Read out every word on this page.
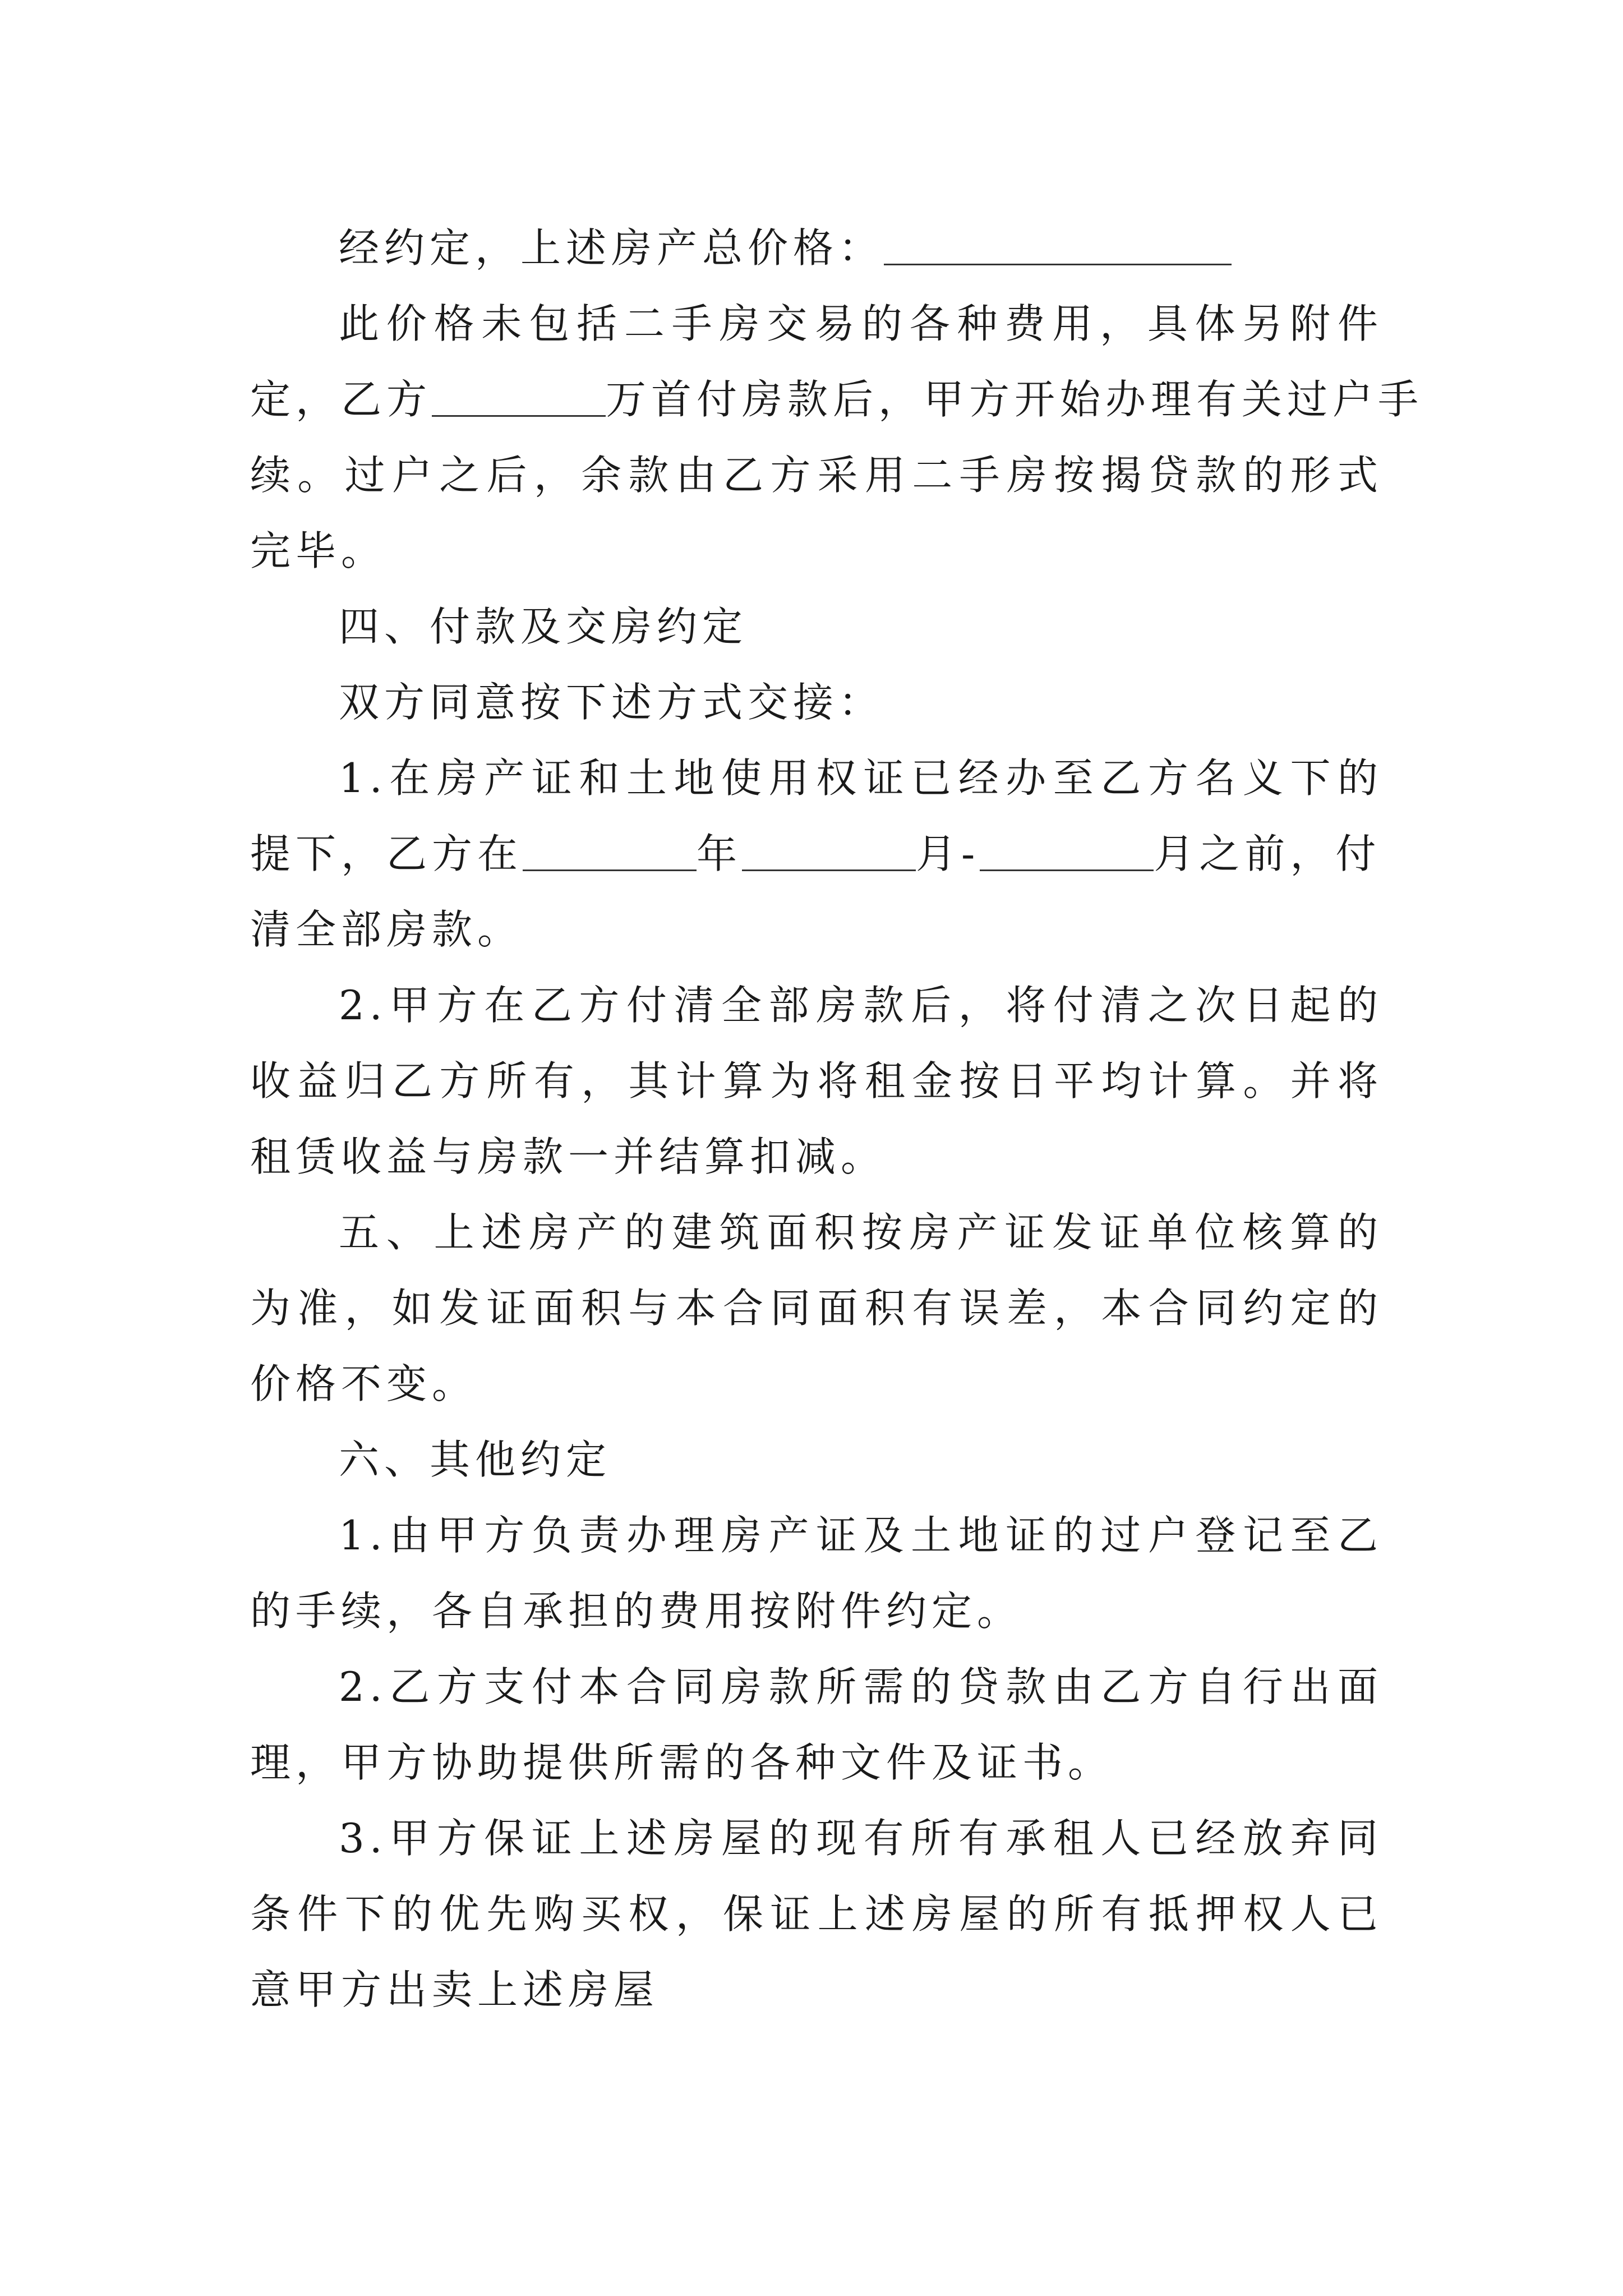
经约定，上述房产总价格：
此价格未包括二手房交易的各种费用，具体另附件
定，乙方	万首付房款后，甲方开始办理有关过户手
续。过户之后，余款由乙方采用二手房按揭贷款的形式
完毕。
四、付款及交房约定
双方同意按下述方式交接：
1.在房产证和土地使用权证已经办至乙方名义下的
提下，乙方在	年	月-	月之前，付
清全部房款。
2.甲方在乙方付清全部房款后，将付清之次日起的
收益归乙方所有，其计算为将租金按日平均计算。并将
租赁收益与房款一并结算扣减。
五、上述房产的建筑面积按房产证发证单位核算的
为准，如发证面积与本合同面积有误差，本合同约定的
价格不变。
六、其他约定
1.由甲方负责办理房产证及土地证的过户登记至乙
的手续，各自承担的费用按附件约定。
2.乙方支付本合同房款所需的贷款由乙方自行出面
理，甲方协助提供所需的各种文件及证书。
3.甲方保证上述房屋的现有所有承租人已经放弃同
条件下的优先购买权，保证上述房屋的所有抵押权人已
意甲方出卖上述房屋
